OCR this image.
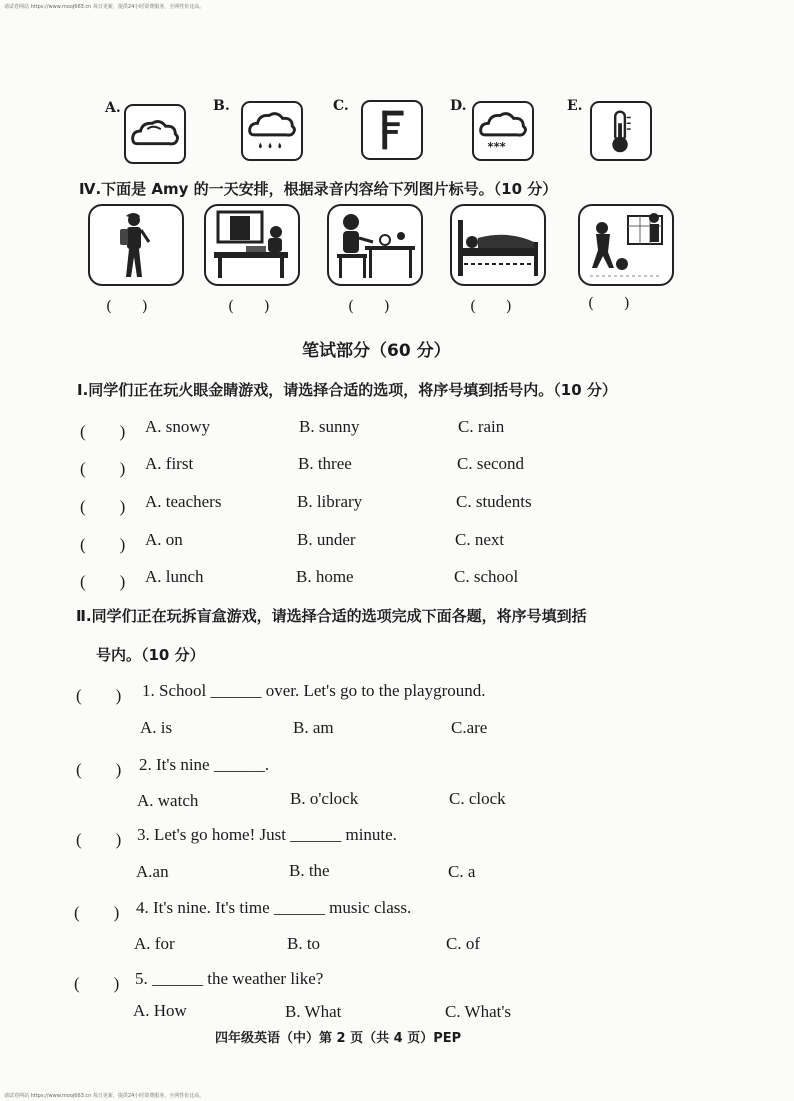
请试卷网站 https://www.mooj663.cn 每日更新，提供24小时资费服务，全网性价比高。
请试卷网站 https://www.mooj663.cn 每日更新，提供24小时资费服务，全网性价比高。
A.	B.	C.	D.
***
E.
Ⅳ.下面是 Amy 的一天安排，根据录音内容给下列图片标号。（10 分）
(　　)	(　　)	(　　)	(　　)	(　　)
笔试部分（60 分）
Ⅰ.同学们正在玩火眼金睛游戏，请选择合适的选项，将序号填到括号内。（10 分）
(　　) A. snowy	B. sunny	C. rain
(　　) A. first	B. three	C. second
(　　) A. teachers	B. library	C. students
(　　) A. on	B. under	C. next
(　　) A. lunch	B. home	C. school
Ⅱ.同学们正在玩拆盲盒游戏，请选择合适的选项完成下面各题，将序号填到括
号内。（10 分）
(　　) 1. School ______ over. Let's go to the playground.
A. is	B. am	C.are
(　　) 2. It's nine ______.
A. watch	B. o'clock	C. clock
(　　) 3. Let's go home! Just ______ minute.
A.an	B. the	C. a
(　　) 4. It's nine. It's time ______ music class.
A. for	B. to	C. of
(　　) 5. ______ the weather like?
A. How	B. What	C. What's
四年级英语（中）第 2 页（共 4 页）PEP
